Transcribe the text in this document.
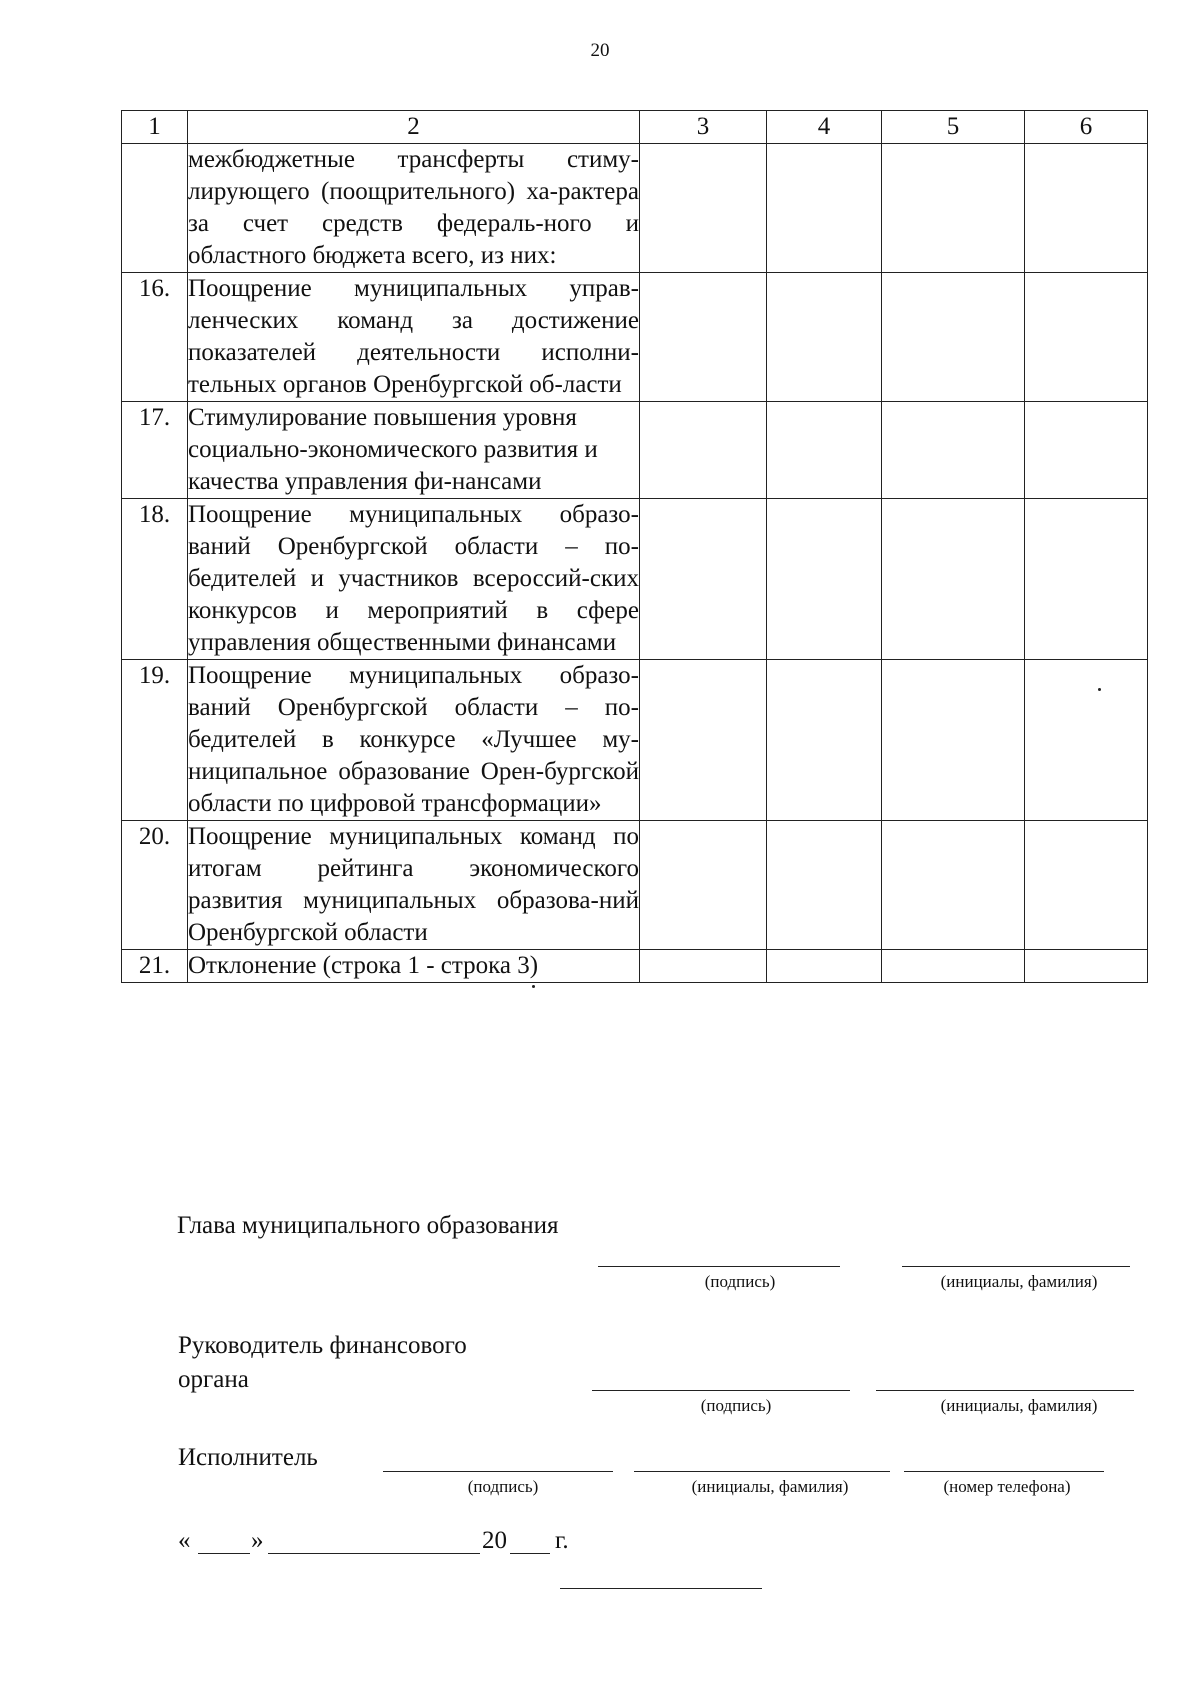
20
1	2	3	4	5	6
	межбюджетные трансферты стиму-лирующего (поощрительного) ха-рактера за счет средств федераль-ного и областного бюджета всего, из них:				
16.	Поощрение муниципальных управ-ленческих команд за достижение показателей деятельности исполни-тельных органов Оренбургской об-ласти				
17.	Стимулирование повышения уровня социально-экономического развития и качества управления фи-нансами				
18.	Поощрение муниципальных образо-ваний Оренбургской области – по-бедителей и участников всероссий-ских конкурсов и мероприятий в сфере управления общественными финансами				
19.	Поощрение муниципальных образо-ваний Оренбургской области – по-бедителей в конкурсе «Лучшее му-ниципальное образование Орен-бургской области по цифровой трансформации»				
20.	Поощрение муниципальных команд по итогам рейтинга экономического развития муниципальных образова-ний Оренбургской области				
21.	Отклонение (строка 1 - строка 3)				
Глава муниципального образования
(подпись)	(инициалы, фамилия)
Руководитель финансового
органа
(подпись)	(инициалы, фамилия)
Исполнитель
(подпись)	(инициалы, фамилия)	(номер телефона)
« »	20 г.
